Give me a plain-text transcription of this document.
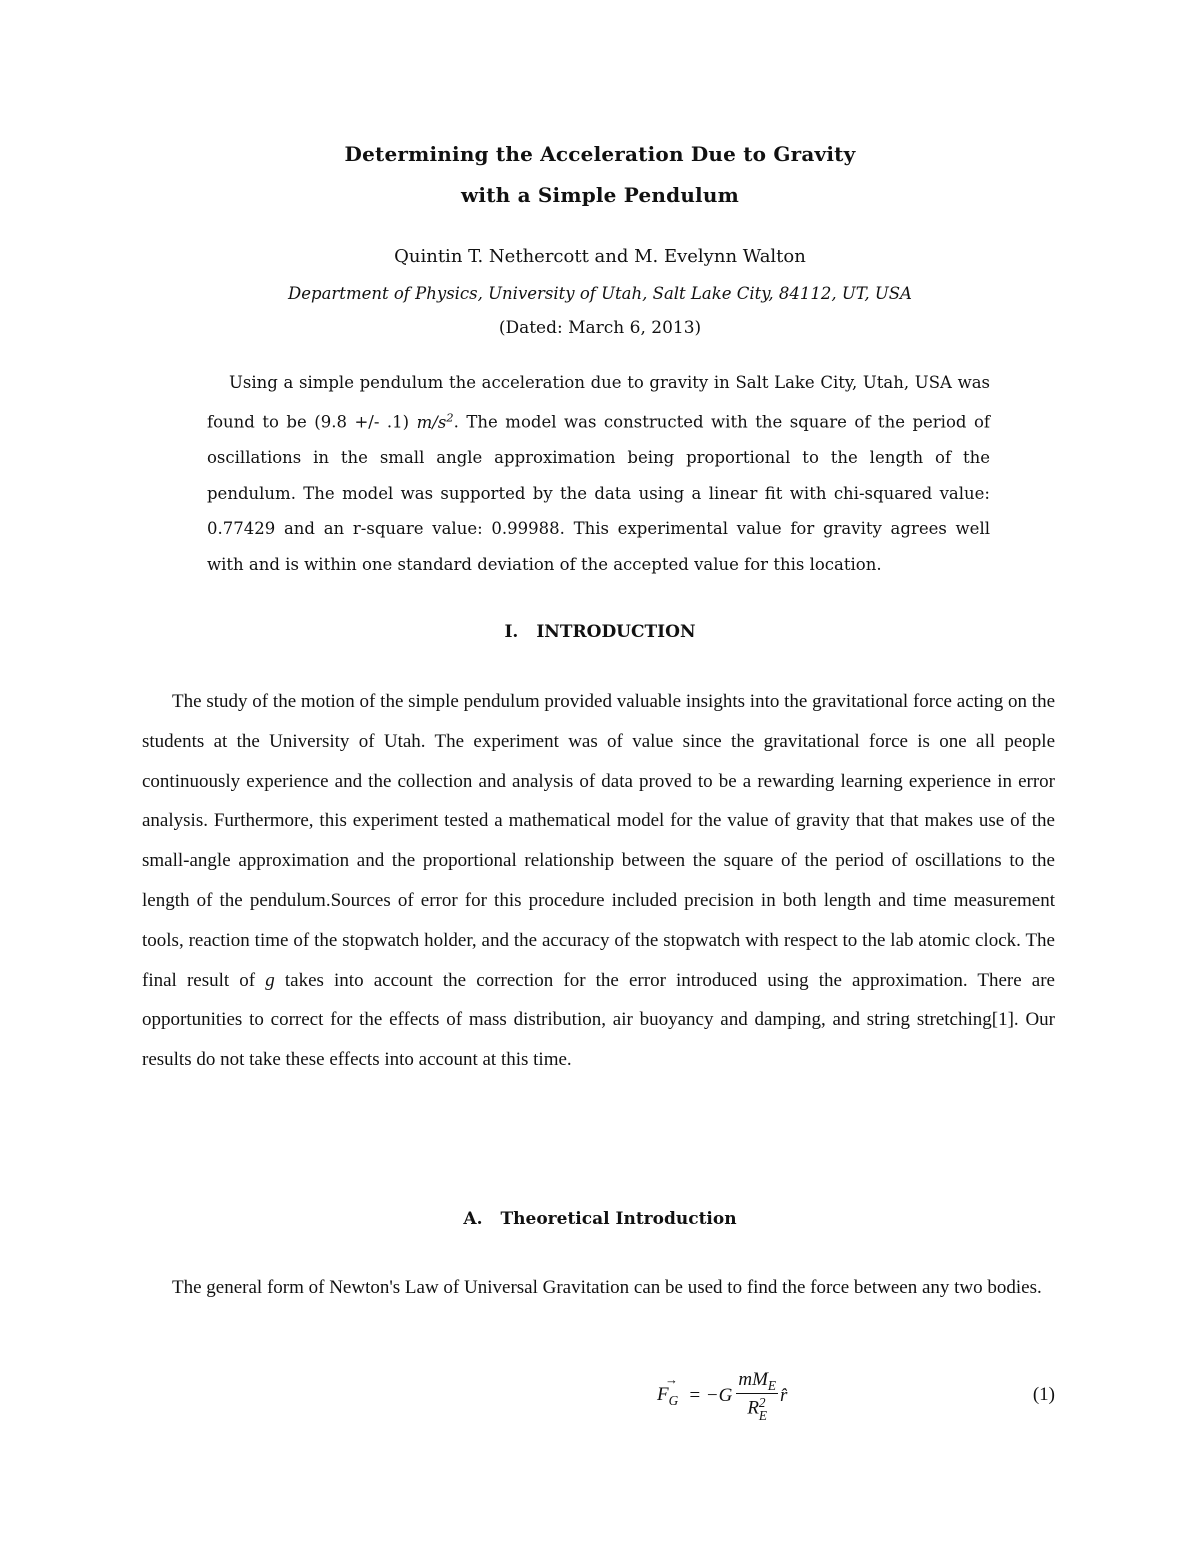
Determining the Acceleration Due to Gravity
with a Simple Pendulum
Quintin T. Nethercott and M. Evelynn Walton
Department of Physics, University of Utah, Salt Lake City, 84112, UT, USA
(Dated: March 6, 2013)

Using a simple pendulum the acceleration due to gravity in Salt Lake City, Utah, USA was found to be (9.8 +/- .1) $m/s^2$. The model was constructed with the square of the period of oscillations in the small angle approximation being proportional to the length of the pendulum. The model was supported by the data using a linear fit with chi-squared value: 0.77429 and an r-square value: 0.99988. This experimental value for gravity agrees well with and is within one standard deviation of the accepted value for this location.

I. INTRODUCTION

The study of the motion of the simple pendulum provided valuable insights into the gravitational force acting on the students at the University of Utah. The experiment was of value since the gravitational force is one all people continuously experience and the collection and analysis of data proved to be a rewarding learning experience in error analysis. Furthermore, this experiment tested a mathematical model for the value of gravity that that makes use of the small-angle approximation and the proportional relationship between the square of the period of oscillations to the length of the pendulum.Sources of error for this procedure included precision in both length and time measurement tools, reaction time of the stopwatch holder, and the accuracy of the stopwatch with respect to the lab atomic clock. The final result of g takes into account the correction for the error introduced using the approximation. There are opportunities to correct for the effects of mass distribution, air buoyancy and damping, and string stretching[1]. Our results do not take these effects into account at this time.

A. Theoretical Introduction

The general form of Newton's Law of Universal Gravitation can be used to find the force between any two bodies.

$F_G$
→
= −G $mM_E$
R 2
E r̂	(1)
